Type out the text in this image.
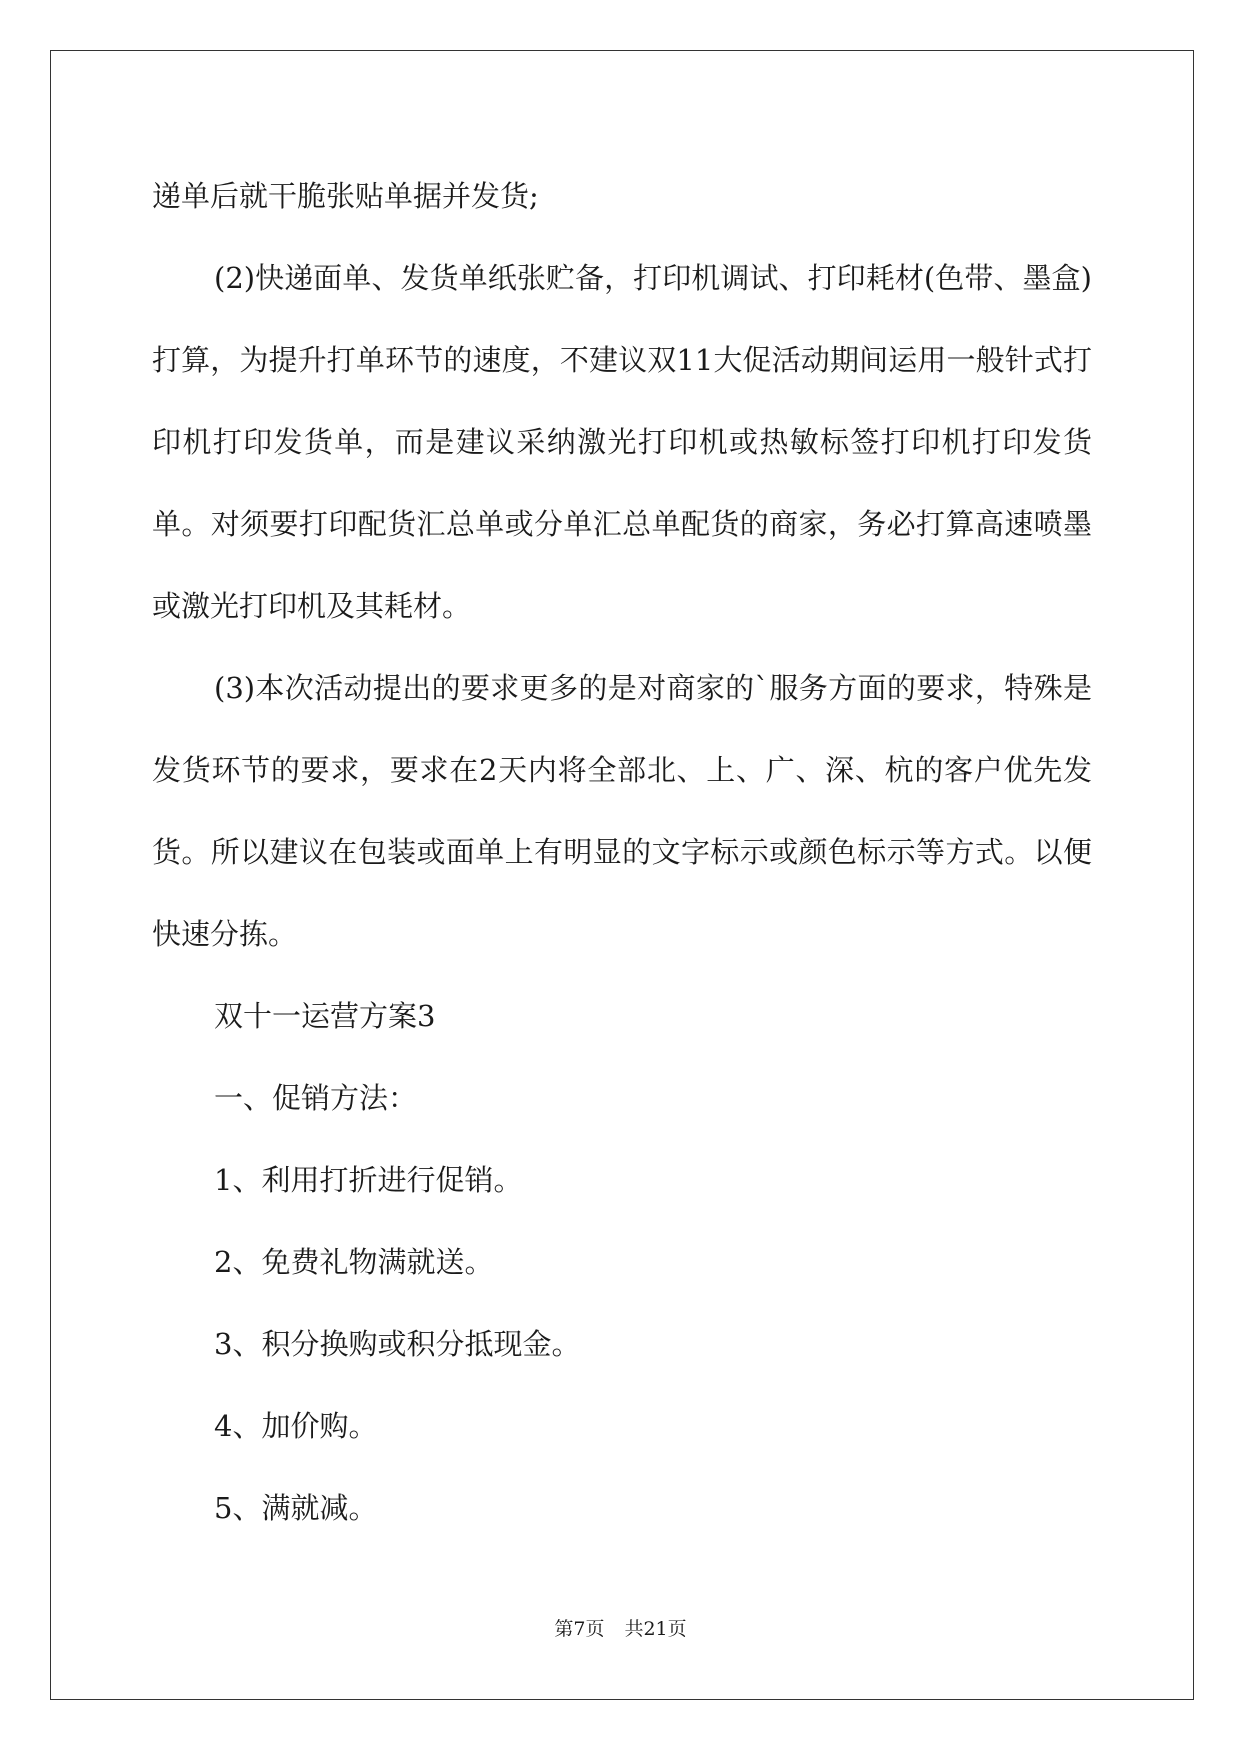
递单后就干脆张贴单据并发货;

(2)快递面单、发货单纸张贮备，打印机调试、打印耗材(色带、墨盒)打算，为提升打单环节的速度，不建议双11大促活动期间运用一般针式打印机打印发货单，而是建议采纳激光打印机或热敏标签打印机打印发货单。对须要打印配货汇总单或分单汇总单配货的商家，务必打算高速喷墨或激光打印机及其耗材。

(3)本次活动提出的要求更多的是对商家的`服务方面的要求，特殊是发货环节的要求，要求在2天内将全部北、上、广、深、杭的客户优先发货。所以建议在包装或面单上有明显的文字标示或颜色标示等方式。以便快速分拣。

双十一运营方案3

一、促销方法：

1、利用打折进行促销。

2、免费礼物满就送。

3、积分换购或积分抵现金。

4、加价购。

5、满就减。

第7页 共21页
